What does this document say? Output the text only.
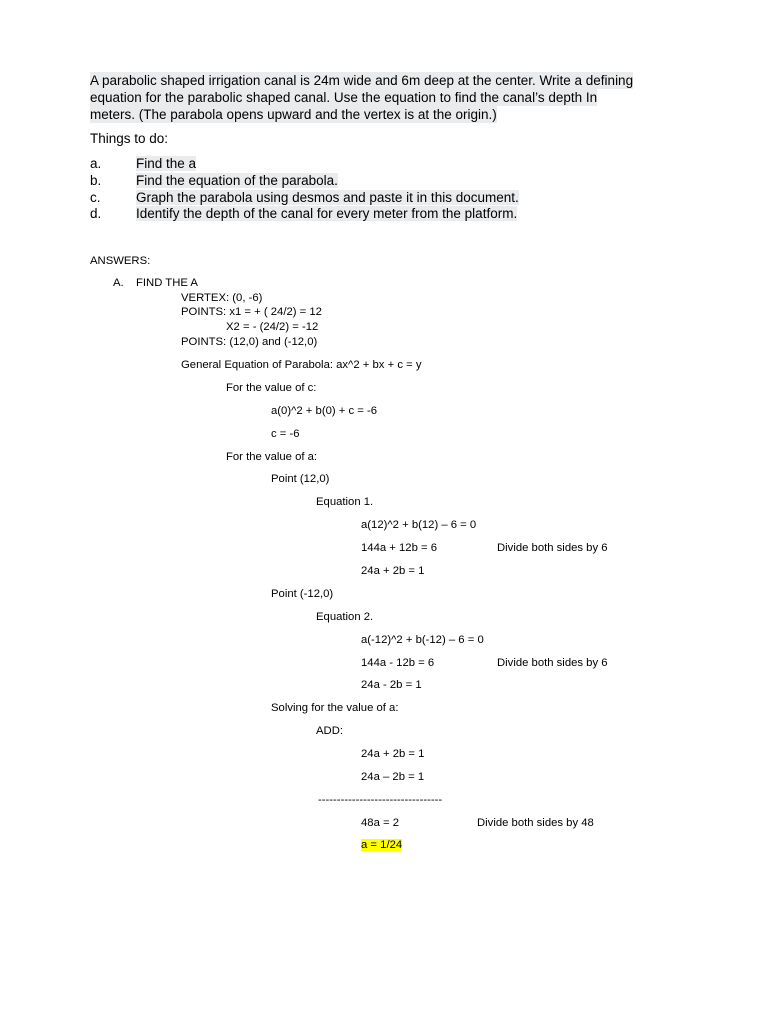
A parabolic shaped irrigation canal is 24m wide and 6m deep at the center. Write a defining
equation for the parabolic shaped canal. Use the equation to find the canal’s depth In
meters. (The parabola opens upward and the vertex is at the origin.)
Things to do:
a.	Find the a
b.	Find the equation of the parabola.
c.	Graph the parabola using desmos and paste it in this document.
d.	Identify the depth of the canal for every meter from the platform.
ANSWERS:
A. FIND THE A
VERTEX: (0, -6)
POINTS: x1 = + ( 24/2) = 12
X2 = - (24/2) = -12
POINTS: (12,0) and (-12,0)
General Equation of Parabola: ax^2 + bx + c = y
For the value of c:
a(0)^2 + b(0) + c = -6
c = -6
For the value of a:
Point (12,0)
Equation 1.
a(12)^2 + b(12) – 6 = 0
144a + 12b = 6	Divide both sides by 6
24a + 2b = 1
Point (-12,0)
Equation 2.
a(-12)^2 + b(-12) – 6 = 0
144a - 12b = 6	Divide both sides by 6
24a - 2b = 1
Solving for the value of a:
ADD:
24a + 2b = 1
24a – 2b = 1
---------------------------------
48a = 2	Divide both sides by 48
a = 1/24
